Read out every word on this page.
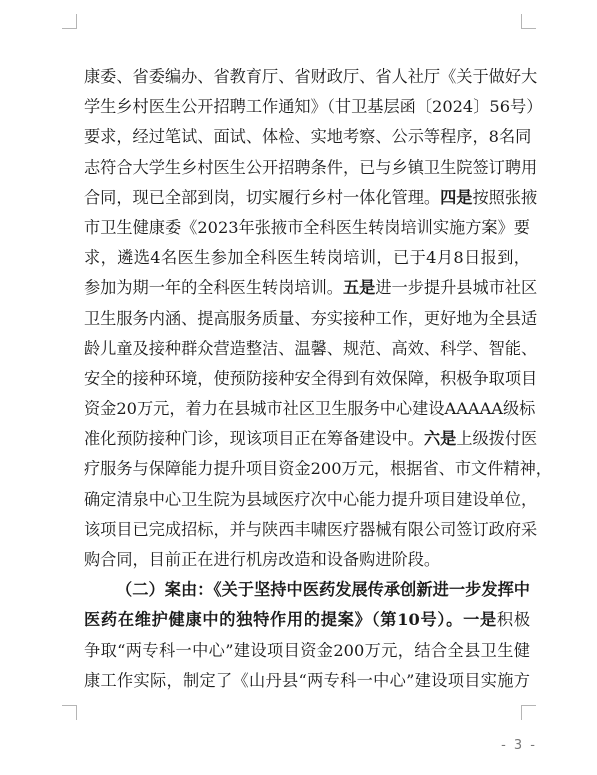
康委、省委编办、省教育厅、省财政厅、省人社厅《关于做好大
学生乡村医生公开招聘工作通知》（甘卫基层函〔2024〕56号）
要求，经过笔试、面试、体检、实地考察、公示等程序，8名同
志符合大学生乡村医生公开招聘条件，已与乡镇卫生院签订聘用
合同，现已全部到岗，切实履行乡村一体化管理。四是按照张掖
市卫生健康委《2023年张掖市全科医生转岗培训实施方案》要
求，遴选4名医生参加全科医生转岗培训，已于4月8日报到，
参加为期一年的全科医生转岗培训。五是进一步提升县城市社区
卫生服务内涵、提高服务质量、夯实接种工作，更好地为全县适
龄儿童及接种群众营造整洁、温馨、规范、高效、科学、智能、
安全的接种环境，使预防接种安全得到有效保障，积极争取项目
资金20万元，着力在县城市社区卫生服务中心建设AAAAA级标
准化预防接种门诊，现该项目正在筹备建设中。六是上级拨付医
疗服务与保障能力提升项目资金200万元，根据省、市文件精神，
确定清泉中心卫生院为县域医疗次中心能力提升项目建设单位，
该项目已完成招标，并与陕西丰啸医疗器械有限公司签订政府采
购合同，目前正在进行机房改造和设备购进阶段。
（二）案由：《关于坚持中医药发展传承创新进一步发挥中
医药在维护健康中的独特作用的提案》（第10号）。一是积极
争取“两专科一中心”建设项目资金200万元，结合全县卫生健
康工作实际，制定了《山丹县“两专科一中心”建设项目实施方
- 3 -
